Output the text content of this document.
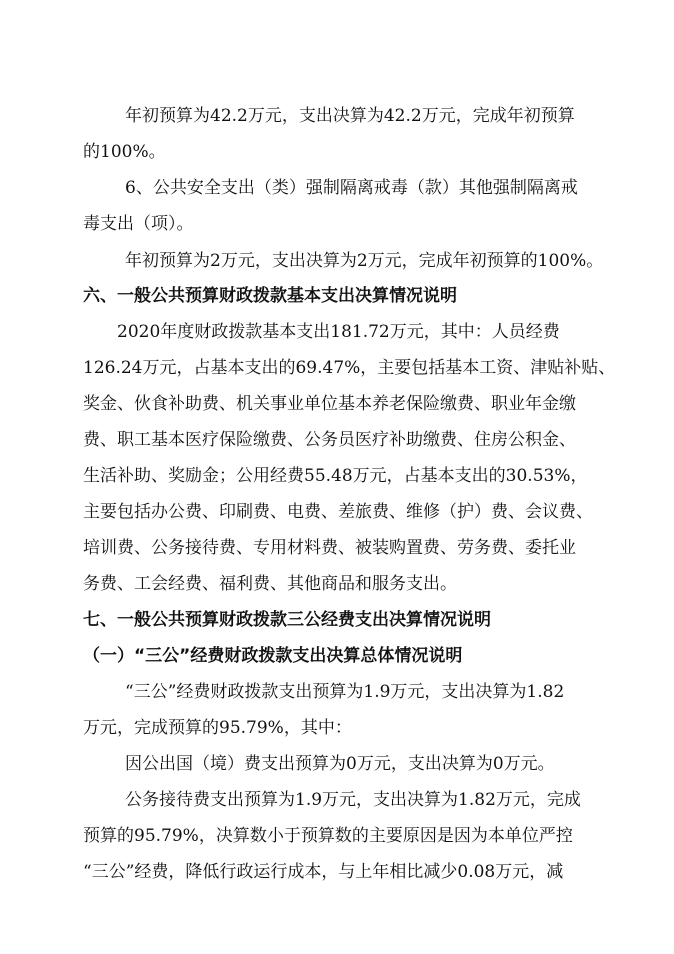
年初预算为42.2万元，支出决算为42.2万元，完成年初预算

的100%。

6、公共安全支出（类）强制隔离戒毒（款）其他强制隔离戒

毒支出（项）。

年初预算为2万元，支出决算为2万元，完成年初预算的100%。

六、一般公共预算财政拨款基本支出决算情况说明

2020年度财政拨款基本支出181.72万元，其中：人员经费

126.24万元，占基本支出的69.47%，主要包括基本工资、津贴补贴、

奖金、伙食补助费、机关事业单位基本养老保险缴费、职业年金缴

费、职工基本医疗保险缴费、公务员医疗补助缴费、住房公积金、

生活补助、奖励金；公用经费55.48万元，占基本支出的30.53%，

主要包括办公费、印刷费、电费、差旅费、维修（护）费、会议费、

培训费、公务接待费、专用材料费、被装购置费、劳务费、委托业

务费、工会经费、福利费、其他商品和服务支出。

七、一般公共预算财政拨款三公经费支出决算情况说明
（一）“三公”经费财政拨款支出决算总体情况说明

“三公”经费财政拨款支出预算为1.9万元，支出决算为1.82

万元，完成预算的95.79%，其中：

因公出国（境）费支出预算为0万元，支出决算为0万元。

公务接待费支出预算为1.9万元，支出决算为1.82万元，完成

预算的95.79%，决算数小于预算数的主要原因是因为本单位严控

“三公”经费，降低行政运行成本，与上年相比减少0.08万元，减
